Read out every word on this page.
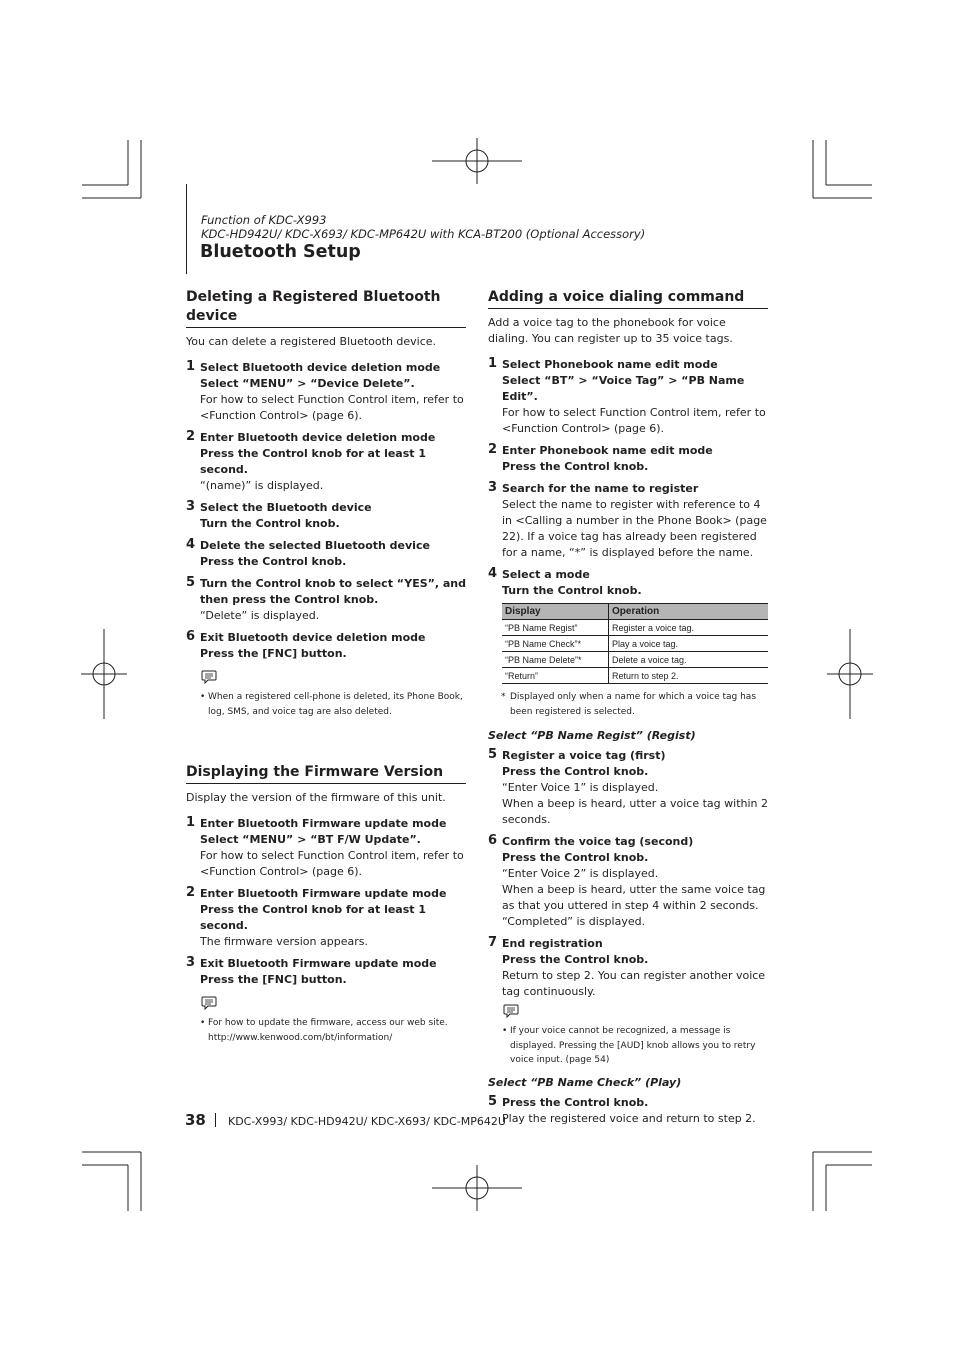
Function of KDC-X993
KDC-HD942U/ KDC-X693/ KDC-MP642U with KCA-BT200 (Optional Accessory)
Bluetooth Setup
Deleting a Registered Bluetooth device
You can delete a registered Bluetooth device.
1 Select Bluetooth device deletion mode
Select “MENU” > “Device Delete”.
For how to select Function Control item, refer to <Function Control> (page 6).
2 Enter Bluetooth device deletion mode
Press the Control knob for at least 1 second.
“(name)” is displayed.
3 Select the Bluetooth device
Turn the Control knob.
4 Delete the selected Bluetooth device
Press the Control knob.
5 Turn the Control knob to select “YES”, and then press the Control knob.
“Delete” is displayed.
6 Exit Bluetooth device deletion mode
Press the [FNC] button.
• When a registered cell-phone is deleted, its Phone Book, log, SMS, and voice tag are also deleted.
Displaying the Firmware Version
Display the version of the firmware of this unit.
1 Enter Bluetooth Firmware update mode
Select “MENU” > “BT F/W Update”.
For how to select Function Control item, refer to <Function Control> (page 6).
2 Enter Bluetooth Firmware update mode
Press the Control knob for at least 1 second.
The firmware version appears.
3 Exit Bluetooth Firmware update mode
Press the [FNC] button.
• For how to update the firmware, access our web site.
http://www.kenwood.com/bt/information/
Adding a voice dialing command
Add a voice tag to the phonebook for voice dialing. You can register up to 35 voice tags.
1 Select Phonebook name edit mode
Select “BT” > “Voice Tag” > “PB Name Edit”.
For how to select Function Control item, refer to <Function Control> (page 6).
2 Enter Phonebook name edit mode
Press the Control knob.
3 Search for the name to register
Select the name to register with reference to 4 in <Calling a number in the Phone Book> (page 22). If a voice tag has already been registered for a name, “*” is displayed before the name.
4 Select a mode
Turn the Control knob.
Display	Operation
“PB Name Regist”	Register a voice tag.
“PB Name Check”*	Play a voice tag.
“PB Name Delete”*	Delete a voice tag.
“Return”	Return to step 2.
* Displayed only when a name for which a voice tag has been registered is selected.
Select “PB Name Regist” (Regist)
5 Register a voice tag (first)
Press the Control knob.
“Enter Voice 1” is displayed.
When a beep is heard, utter a voice tag within 2 seconds.
6 Confirm the voice tag (second)
Press the Control knob.
“Enter Voice 2” is displayed.
When a beep is heard, utter the same voice tag as that you uttered in step 4 within 2 seconds.
“Completed” is displayed.
7 End registration
Press the Control knob.
Return to step 2. You can register another voice tag continuously.
• If your voice cannot be recognized, a message is displayed. Pressing the [AUD] knob allows you to retry voice input. (page 54)
Select “PB Name Check” (Play)
5 Press the Control knob.
Play the registered voice and return to step 2.
38 KDC-X993/ KDC-HD942U/ KDC-X693/ KDC-MP642U
